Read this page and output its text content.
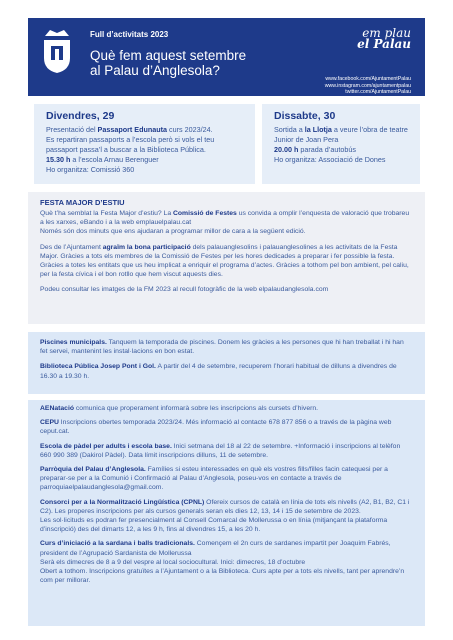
Full d’activitats 2023
Què fem aquest setembre
al Palau d’Anglesola?
em plau
el Palau
www.facebook.com/AjuntamentPalau
www.instagram.com/ajuntamentpalau
twitter.com/AjuntamentPalau
Divendres, 29

Presentació del Passaport Edunauta curs 2023/24.

Es repartiran passaports a l’escola però si vols el teu passaport passa’l a buscar a la Biblioteca Pública.

15.30 h a l’escola Arnau Berenguer

Ho organitza: Comissió 360

Dissabte, 30

Sortida a la Llotja a veure l’obra de teatre Junior de Joan Pera

20.00 h parada d’autobús

Ho organitza: Associació de Dones

FESTA MAJOR D’ESTIU

Què t’ha semblat la Festa Major d’estiu? La Comissió de Festes us convida a omplir l’enquesta de valoració que trobareu a les xarxes, eBando i a la web emplauelpalau.cat
Només són dos minuts que ens ajudaran a programar millor de cara a la següent edició.

Des de l’Ajuntament agraïm la bona participació dels palauanglesolins i palauanglesolines a les activitats de la Festa Major. Gràcies a tots els membres de la Comissió de Festes per les hores dedicades a preparar i fer possible la festa.
Gràcies a totes les entitats que us heu implicat a enriquir el programa d’actes. Gràcies a tothom pel bon ambient, pel caliu, per la festa cívica i el bon rotllo que hem viscut aquests dies.

Podeu consultar les imatges de la FM 2023 al recull fotogràfic de la web elpalaudanglesola.com

Piscines municipals. Tanquem la temporada de piscines. Donem les gràcies a les persones que hi han treballat i hi han fet servei, mantenint les instal·lacions en bon estat.

Biblioteca Pública Josep Pont i Gol. A partir del 4 de setembre, recuperem l’horari habitual de dilluns a divendres de 16.30 a 19.30 h.

AENatació comunica que properament informarà sobre les inscripcions als cursets d’hivern.

CEPU Inscripcions obertes temporada 2023/24. Més informació al contacte 678 877 856 o a través de la pàgina web ceput.cat.

Escola de pàdel per adults i escola base. Inici setmana del 18 al 22 de setembre. +Informació i inscripcions al telèfon 660 990 389 (Dakirol Pàdel). Data límit inscripcions dilluns, 11 de setembre.

Parròquia del Palau d’Anglesola. Famílies si esteu interessades en què els vostres fills/filles facin catequesi per a preparar-se per a la Comunió i Confirmació al Palau d’Anglesola, poseu-vos en contacte a través de parroquiaelpalaudanglesola@gmail.com.

Consorci per a la Normalització Lingüística (CPNL) Ofereix cursos de català en línia de tots els nivells (A2, B1, B2, C1 i C2). Les properes inscripcions per als cursos generals seran els dies 12, 13, 14 i 15 de setembre de 2023.
Les sol·licituds es podran fer presencialment al Consell Comarcal de Mollerussa o en línia (mitjançant la plataforma d’inscripció) des del dimarts 12, a les 9 h, fins al divendres 15, a les 20 h.

Curs d’iniciació a la sardana i balls tradicionals. Començem el 2n curs de sardanes impartit per Joaquim Fabrés, president de l’Agrupació Sardanista de Mollerussa
Serà els dimecres de 8 a 9 del vespre al local sociocultural. Inici: dimecres, 18 d’octubre
Obert a tothom. Inscripcions gratuïtes a l’Ajuntament o a la Biblioteca. Curs apte per a tots els nivells, tant per aprendre’n com per millorar.
